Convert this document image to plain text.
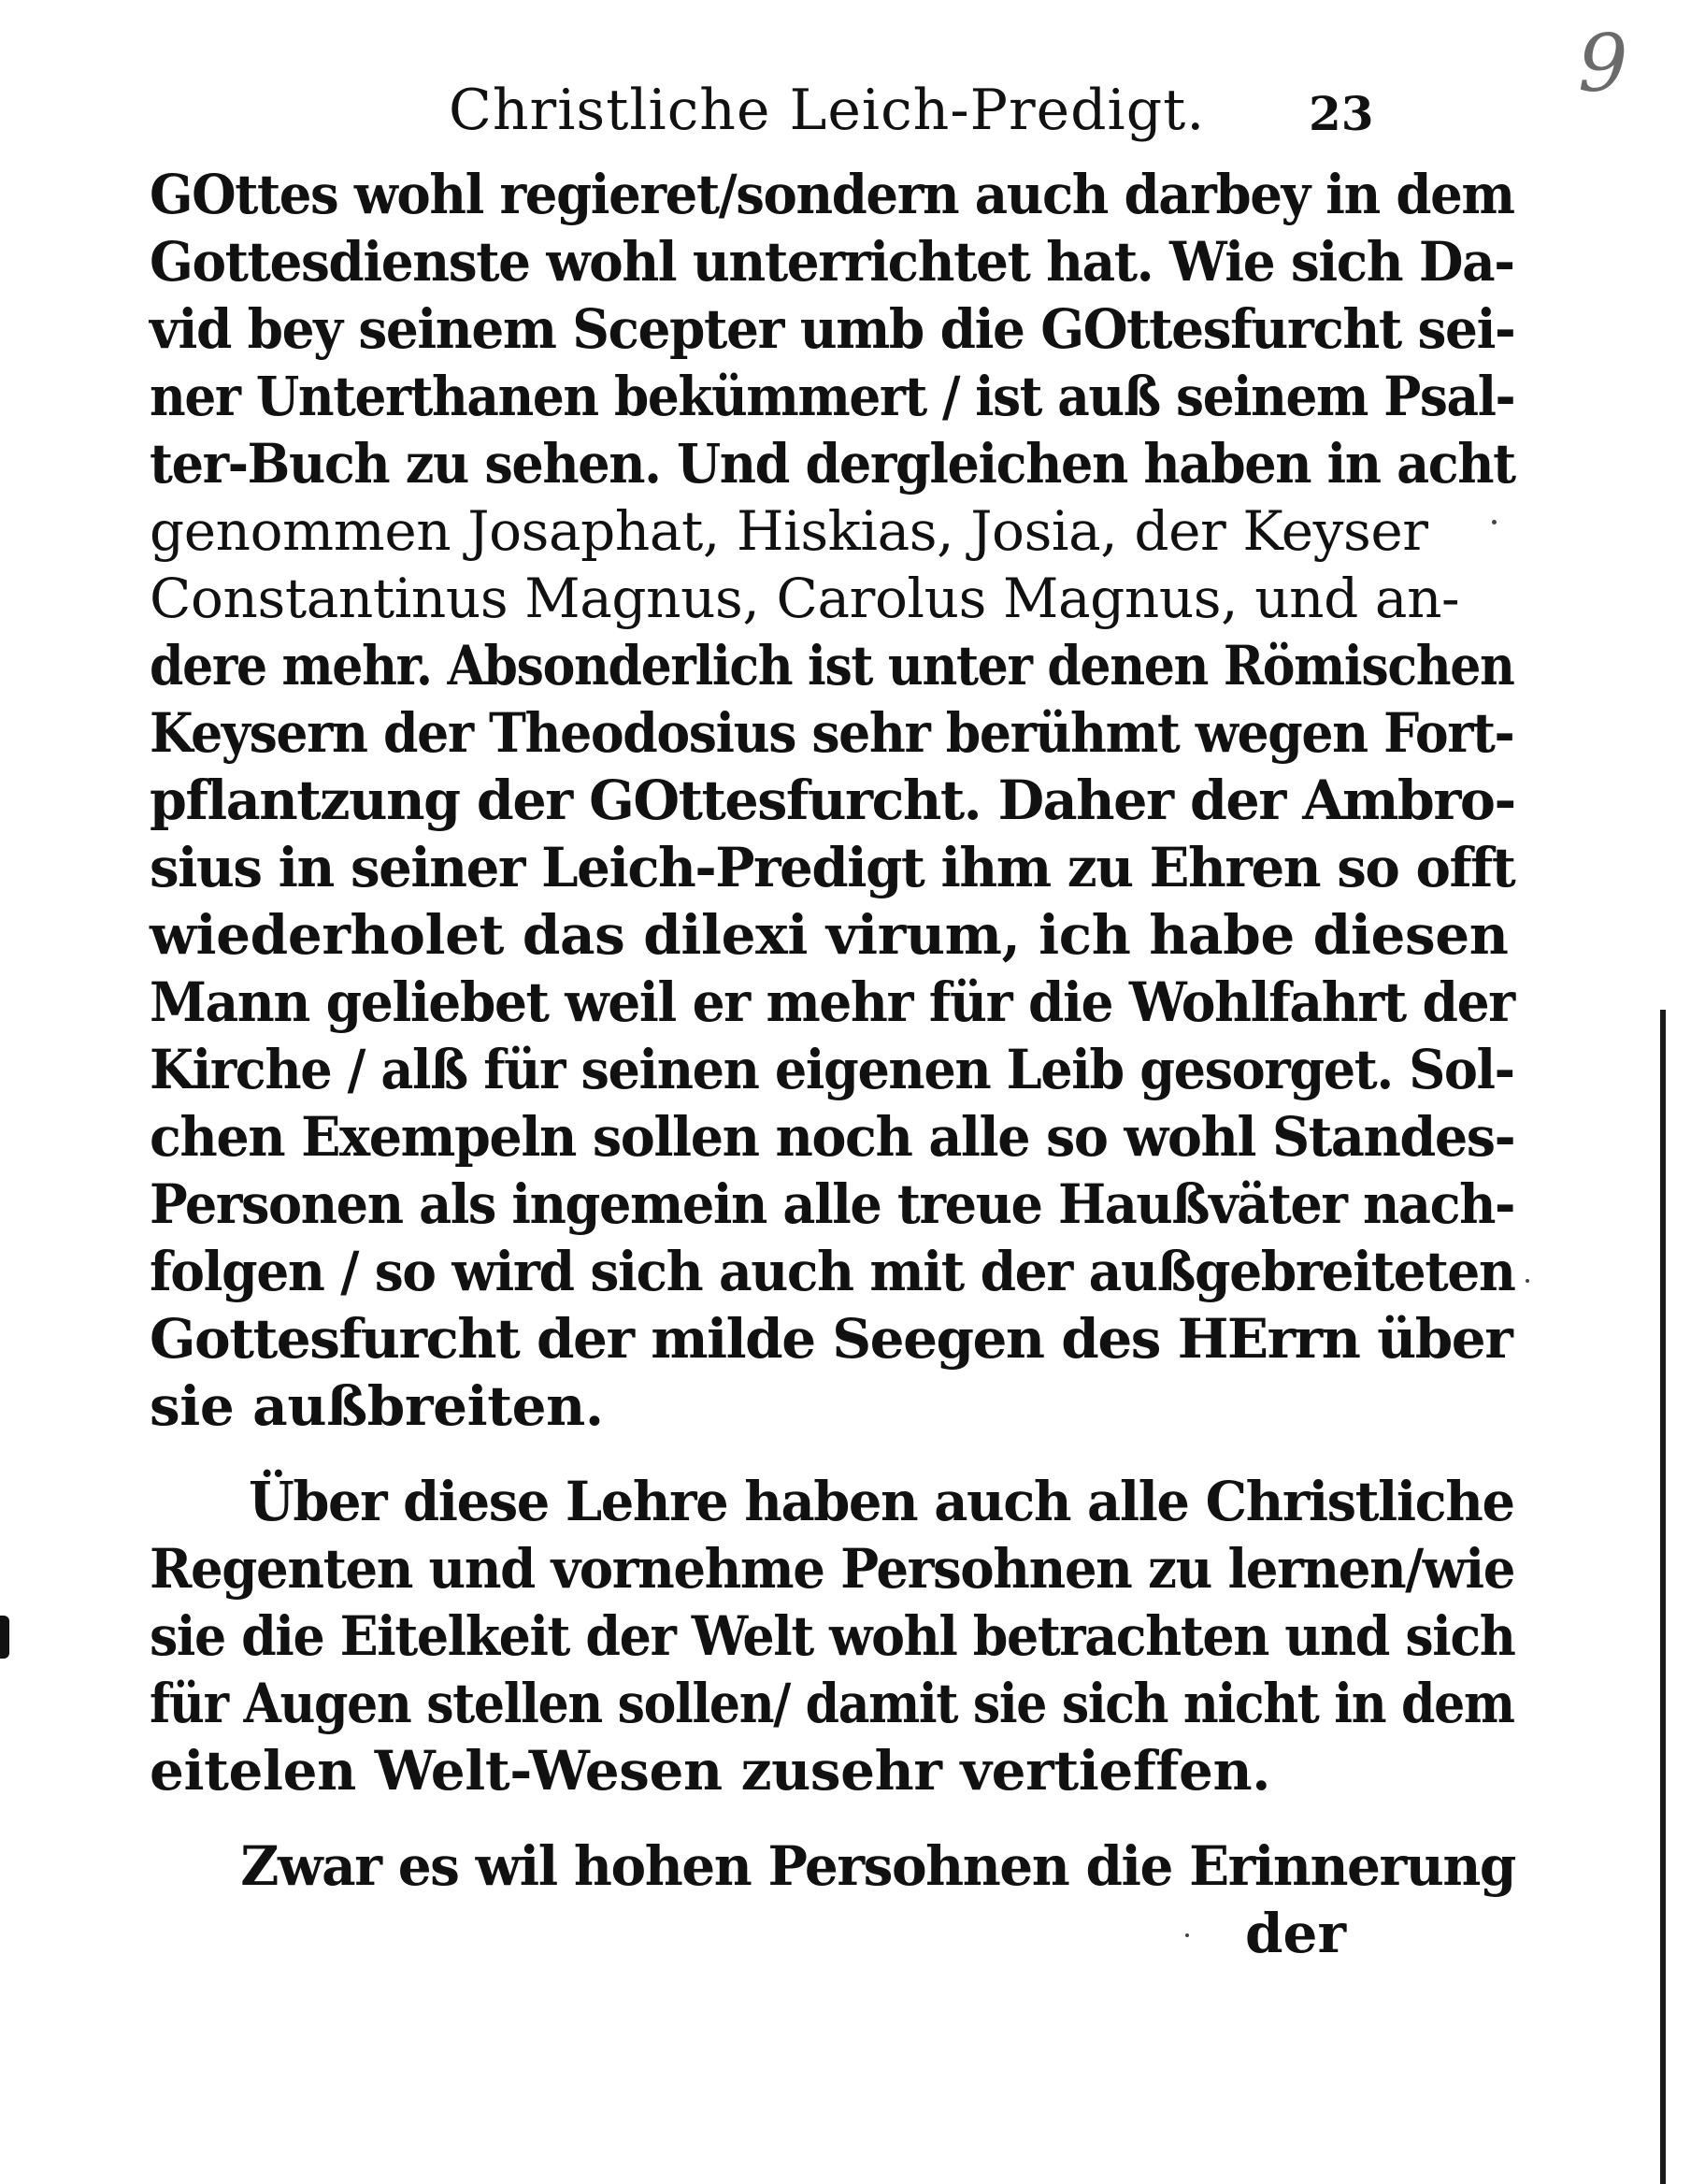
9
Christliche Leich-Predigt. 23
GOttes wohl regieret/sondern auch darbey in dem
Gottesdienste wohl unterrichtet hat. Wie sich Da-
vid bey seinem Scepter umb die GOttesfurcht sei-
ner Unterthanen bekümmert / ist auß seinem Psal-
ter-Buch zu sehen. Und dergleichen haben in acht
genommen Josaphat, Hiskias, Josia, der Keyser
Constantinus Magnus, Carolus Magnus, und an-
dere mehr. Absonderlich ist unter denen Römischen
Keysern der Theodosius sehr berühmt wegen Fort-
pflantzung der GOttesfurcht. Daher der Ambro-
sius in seiner Leich-Predigt ihm zu Ehren so offt
wiederholet das dilexi virum, ich habe diesen
Mann geliebet weil er mehr für die Wohlfahrt der
Kirche / alß für seinen eigenen Leib gesorget. Sol-
chen Exempeln sollen noch alle so wohl Standes-
Personen als ingemein alle treue Haußväter nach-
folgen / so wird sich auch mit der außgebreiteten
Gottesfurcht der milde Seegen des HErrn über
sie außbreiten.
Über diese Lehre haben auch alle Christliche
Regenten und vornehme Persohnen zu lernen/wie
sie die Eitelkeit der Welt wohl betrachten und sich
für Augen stellen sollen/ damit sie sich nicht in dem
eitelen Welt-Wesen zusehr vertieffen.
Zwar es wil hohen Persohnen die Erinnerung
der
